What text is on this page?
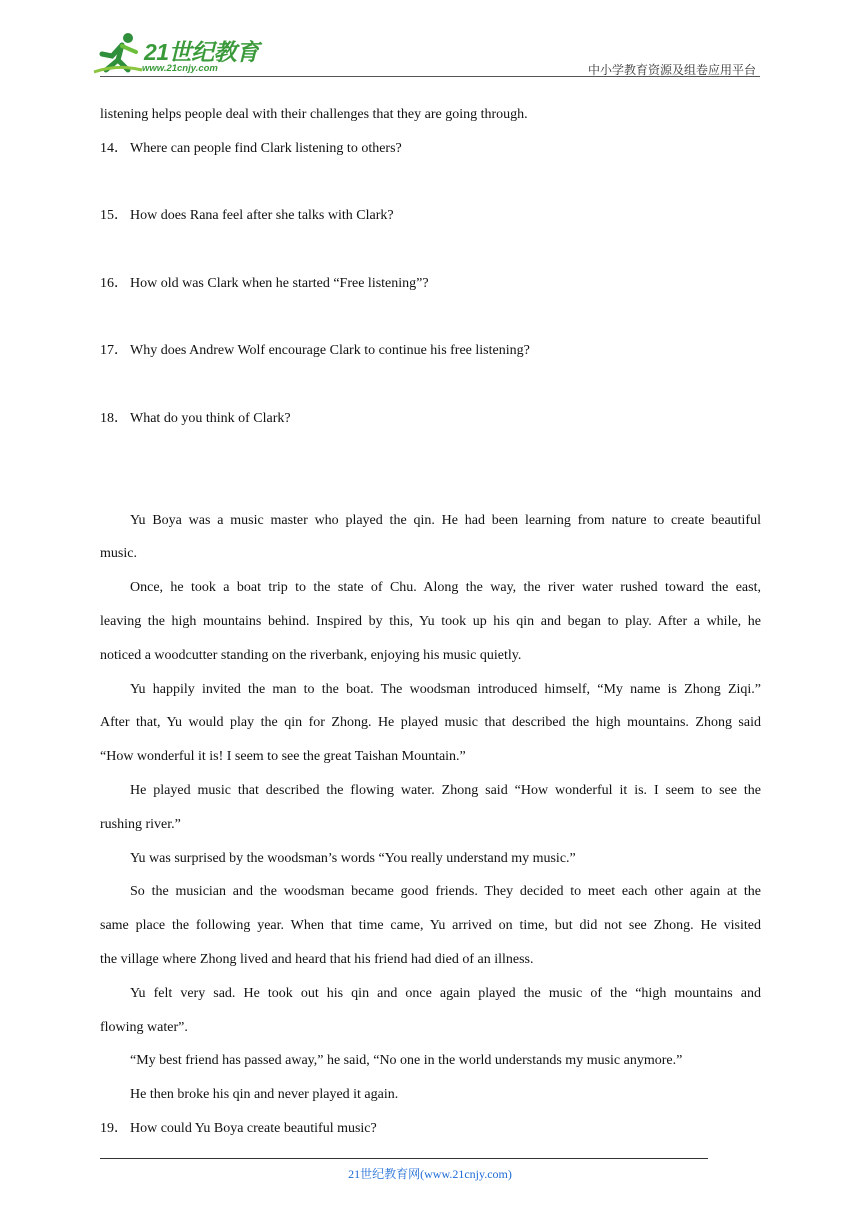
21世纪教育
www.21cnjy.com	中小学教育资源及组卷应用平台
listening helps people deal with their challenges that they are going through.
14． Where can people find Clark listening to others?
15． How does Rana feel after she talks with Clark?
16． How old was Clark when he started “Free listening”?
17． Why does Andrew Wolf encourage Clark to continue his free listening?
18． What do you think of Clark?
Yu Boya was a music master who played the qin. He had been learning from nature to create beautiful
music.
Once, he took a boat trip to the state of Chu. Along the way, the river water rushed toward the east,
leaving the high mountains behind. Inspired by this, Yu took up his qin and began to play. After a while, he
noticed a woodcutter standing on the riverbank, enjoying his music quietly.
Yu happily invited the man to the boat. The woodsman introduced himself, “My name is Zhong Ziqi.”
After that, Yu would play the qin for Zhong. He played music that described the high mountains. Zhong said
“How wonderful it is! I seem to see the great Taishan Mountain.”
He played music that described the flowing water. Zhong said “How wonderful it is. I seem to see the
rushing river.”
Yu was surprised by the woodsman’s words “You really understand my music.”
So the musician and the woodsman became good friends. They decided to meet each other again at the
same place the following year. When that time came, Yu arrived on time, but did not see Zhong. He visited
the village where Zhong lived and heard that his friend had died of an illness.
Yu felt very sad. He took out his qin and once again played the music of the “high mountains and
flowing water”.
“My best friend has passed away,” he said, “No one in the world understands my music anymore.”
He then broke his qin and never played it again.
19． How could Yu Boya create beautiful music?
21世纪教育网(www.21cnjy.com)
